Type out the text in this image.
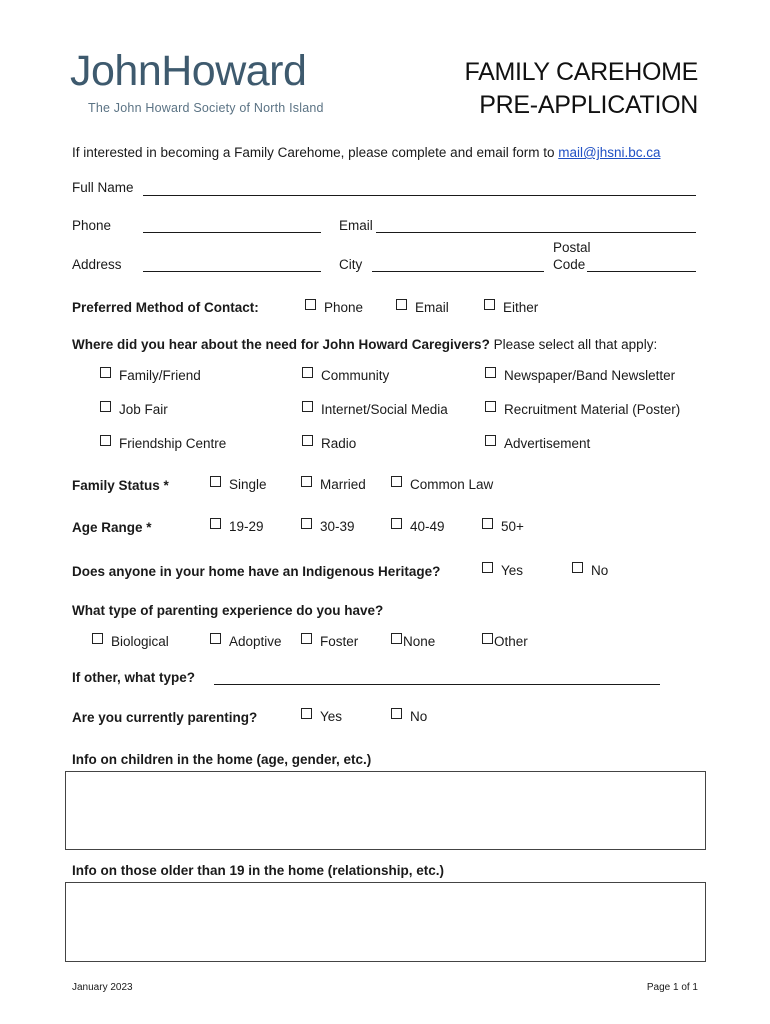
JohnHoward
The John Howard Society of North Island
FAMILY CAREHOME
PRE-APPLICATION
If interested in becoming a Family Carehome, please complete and email form to mail@jhsni.bc.ca
Full Name
Phone	Email
Address	City
Postal
Code
Preferred Method of Contact:	Phone	Email	Either
Where did you hear about the need for John Howard Caregivers? Please select all that apply:
Family/Friend	Community	Newspaper/Band Newsletter
Job Fair	Internet/Social Media	Recruitment Material (Poster)
Friendship Centre	Radio	Advertisement
Family Status *	Single	Married	Common Law
Age Range *	19-29	30-39	40-49	50+
Does anyone in your home have an Indigenous Heritage?	Yes	No
What type of parenting experience do you have?
Biological	Adoptive	Foster	None	Other
If other, what type?
Are you currently parenting?	Yes	No
Info on children in the home (age, gender, etc.)
Info on those older than 19 in the home (relationship, etc.)
January 2023	Page 1 of 1
